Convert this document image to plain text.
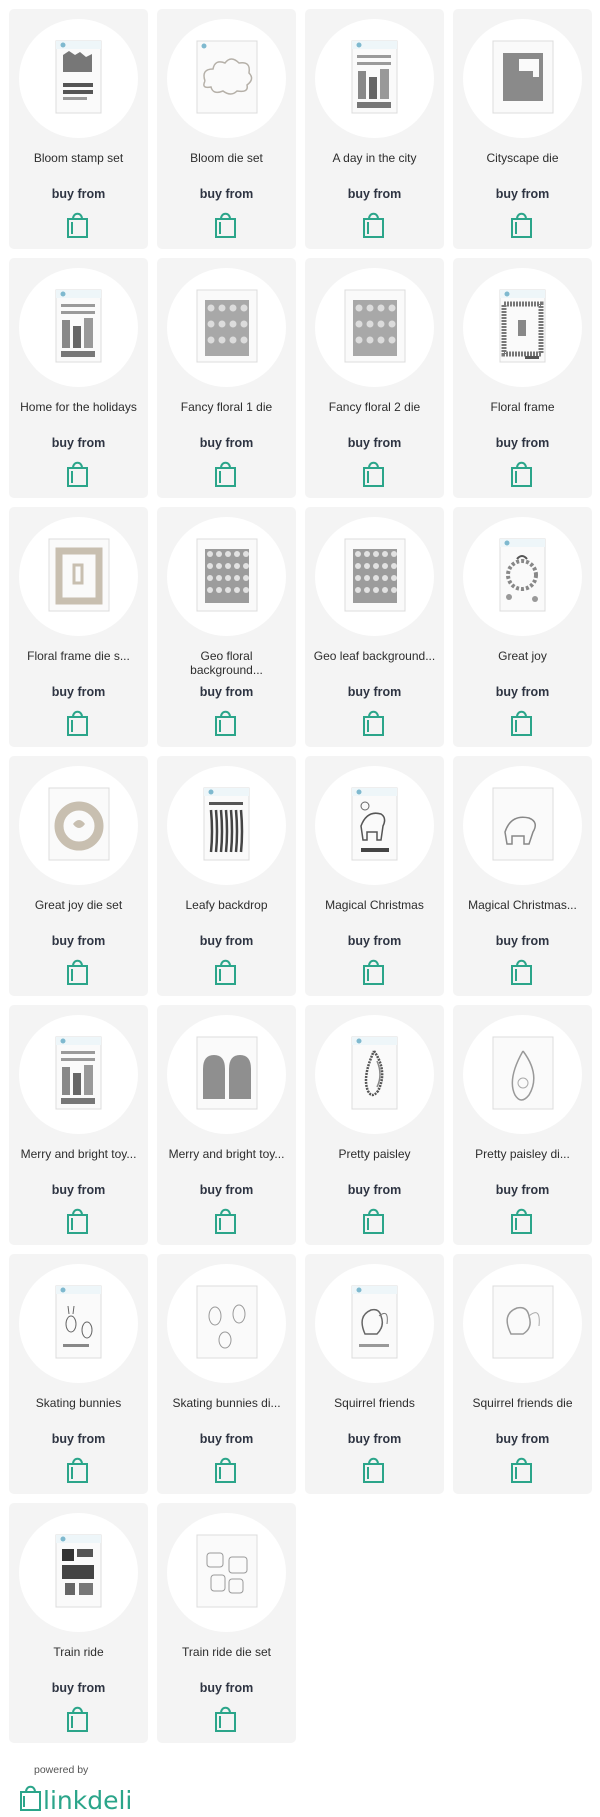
Bloom stamp set
buy from
Bloom die set
buy from
A day in the city
buy from
Cityscape die
buy from
Home for the holidays
buy from
Fancy floral 1 die
buy from
Fancy floral 2 die
buy from
Floral frame
buy from
Floral frame die s...
buy from
Geo floral background...
buy from
Geo leaf background...
buy from
Great joy
buy from
Great joy die set
buy from
Leafy backdrop
buy from
Magical Christmas
buy from
Magical Christmas...
buy from
Merry and bright toy...
buy from
Merry and bright toy...
buy from
Pretty paisley
buy from
Pretty paisley di...
buy from
Skating bunnies
buy from
Skating bunnies di...
buy from
Squirrel friends
buy from
Squirrel friends die
buy from
Train ride
buy from
Train ride die set
buy from
powered by
linkdeli
